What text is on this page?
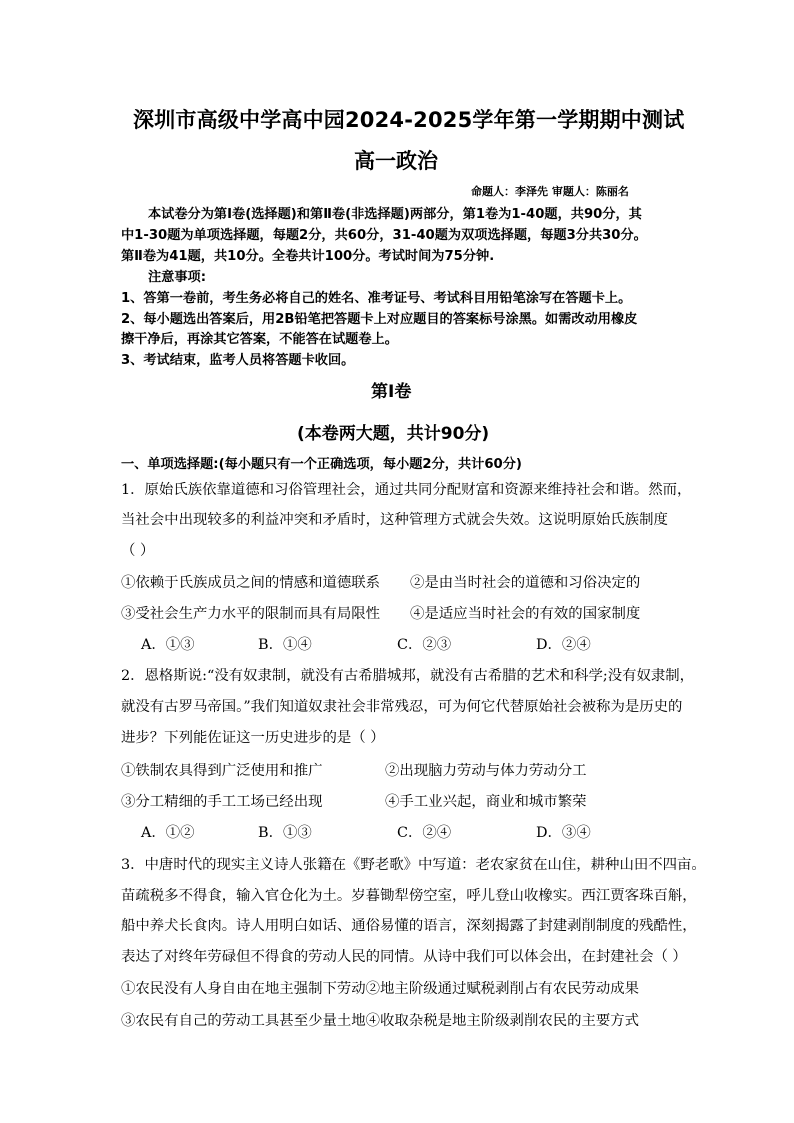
深圳市高级中学高中园2024-2025学年第一学期期中测试
高一政治
命题人：李泽先 审题人：陈丽名
本试卷分为第Ⅰ卷(选择题)和第Ⅱ卷(非选择题)两部分，第1卷为1-40题，共90分，其
中1-30题为单项选择题，每题2分，共60分，31-40题为双项选择题，每题3分共30分。
第Ⅱ卷为41题，共10分。全卷共计100分。考试时间为75分钟.
注意事项:
1、答第一卷前，考生务必将自己的姓名、准考证号、考试科目用铅笔涂写在答题卡上。
2、每小题选出答案后，用2B铅笔把答题卡上对应题目的答案标号涂黑。如需改动用橡皮
擦干净后，再涂其它答案，不能答在试题卷上。
3、考试结束，监考人员将答题卡收回。
第Ⅰ卷
(本卷两大题，共计90分)
一、单项选择题:(每小题只有一个正确选项，每小题2分，共计60分)
1．原始氏族依靠道德和习俗管理社会，通过共同分配财富和资源来维持社会和谐。然而，
当社会中出现较多的利益冲突和矛盾时，这种管理方式就会失效。这说明原始氏族制度
（ ）
①依赖于氏族成员之间的情感和道德联系 ②是由当时社会的道德和习俗决定的
③受社会生产力水平的限制而具有局限性 ④是适应当时社会的有效的国家制度
A．①③	B．①④	C．②③	D．②④
2．恩格斯说:“没有奴隶制，就没有古希腊城邦，就没有古希腊的艺术和科学;没有奴隶制，
就没有古罗马帝国。”我们知道奴隶社会非常残忍，可为何它代替原始社会被称为是历史的
进步？下列能佐证这一历史进步的是（ ）
①铁制农具得到广泛使用和推广	②出现脑力劳动与体力劳动分工
③分工精细的手工工场已经出现	④手工业兴起，商业和城市繁荣
A．①②	B．①③	C．②④	D．③④
3．中唐时代的现实主义诗人张籍在《野老歌》中写道：老农家贫在山住，耕种山田不四亩。
苗疏税多不得食，输入官仓化为土。岁暮锄犁傍空室，呼儿登山收橡实。西江贾客珠百斛，
船中养犬长食肉。诗人用明白如话、通俗易懂的语言，深刻揭露了封建剥削制度的残酷性，
表达了对终年劳碌但不得食的劳动人民的同情。从诗中我们可以体会出，在封建社会（ ）
①农民没有人身自由在地主强制下劳动②地主阶级通过赋税剥削占有农民劳动成果
③农民有自己的劳动工具甚至少量土地④收取杂税是地主阶级剥削农民的主要方式
